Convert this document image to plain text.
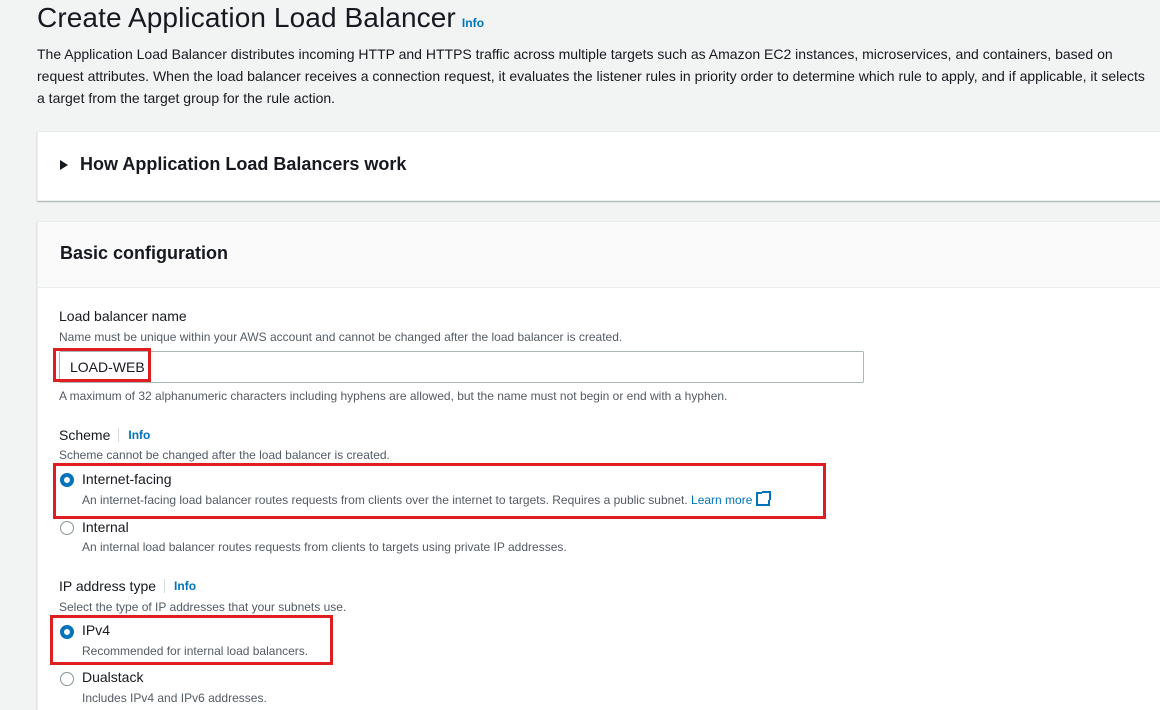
Create Application Load Balancer Info
The Application Load Balancer distributes incoming HTTP and HTTPS traffic across multiple targets such as Amazon EC2 instances, microservices, and containers, based on request attributes. When the load balancer receives a connection request, it evaluates the listener rules in priority order to determine which rule to apply, and if applicable, it selects a target from the target group for the rule action.
How Application Load Balancers work
Basic configuration
Load balancer name
Name must be unique within your AWS account and cannot be changed after the load balancer is created.
LOAD-WEB
A maximum of 32 alphanumeric characters including hyphens are allowed, but the name must not begin or end with a hyphen.
Scheme	Info
Scheme cannot be changed after the load balancer is created.
Internet-facing
An internet-facing load balancer routes requests from clients over the internet to targets. Requires a public subnet. Learn more
Internal
An internal load balancer routes requests from clients to targets using private IP addresses.
IP address type	Info
Select the type of IP addresses that your subnets use.
IPv4
Recommended for internal load balancers.
Dualstack
Includes IPv4 and IPv6 addresses.
